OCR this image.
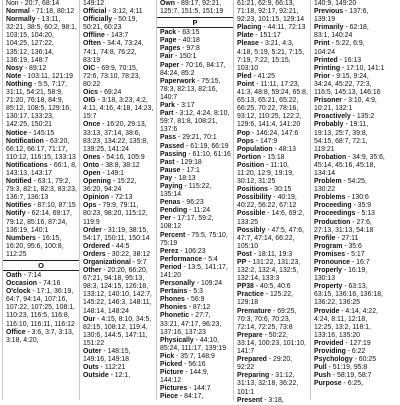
Non - 20:7, 68:14
Normal - 71:18, 80:12
Normally - 13:11, 32:21, 38:5, 60:2, 98:1, 103:15, 104:20, 104:25, 127:22, 135:12, 136:14, 136:19, 148:7
Nosy - 89:12
Note - 103:11, 121:19
Nothing - 5:5, 7:17, 31:11, 54:21, 58:9, 71:20, 76:18, 84:9, 85:12, 108:5, 129:16, 130:17, 133:23, 142:25, 150:21
Notice - 145:15
Notification - 63:20, 66:12, 66:17, 71:17, 110:12, 116:15, 133:13
Notifications - 66:1, 8, 143:13, 143:17
Notified - 63:1, 79:2, 79:3, 82:1, 82:3, 83:23, 136:7, 136:13
Notifies - 87:10, 87:15
Notify - 62:14, 69:17, 79:12, 85:16, 87:24, 136:19, 140:1
Numbers - 16:15, 16:20, 95:6, 100:8, 112:25
O
Oath - 7:14
Occasion - 74:16
O'clock - 17:1, 36:19, 64:7, 94:14, 107:16, 107:22, 107:25, 108:1, 110:23, 116:5, 116:8, 116:10, 116:11, 116:12
Office - 3:6, 3:7, 3:13, 3:18, 4:20,
149:12
Official - 3:12, 4:11
Officially - 50:19, 50:21, 60:23
Offline - 143:7
Often - 34:4, 73:24, 74:1, 74:8, 76:22, 83:19
OIC - 69:9, 70:15, 72:6, 73:10, 78:23, 80:22
Oics - 69:24
OIG - 3:18, 3:23, 4:2, 4:11, 4:16, 4:18, 14:23, 15:7
Once - 16:20, 29:13, 33:13, 37:14, 38:6, 83:23, 134:22, 135:8, 139:25, 141:24
Ones - 54:16, 105:9
Onto - 38:8, 38:12
Open - 149:1
Opening - 15:22, 36:20, 94:24
Opinion - 72:13
Ops - 79:9, 79:11, 80:23, 98:20, 115:12, 119:9
Order - 31:19, 38:15, 54:17, 150:11, 150:14
Ordered - 44:5
Orders - 30:22, 38:12
Organizational - 9:7
Other - 20:20, 66:20, 67:21, 94:18, 95:13, 98:3, 124:15, 126:18, 133:12, 140:10, 142:7, 145:22, 146:3, 148:11, 148:14, 148:24
Our - 4:15, 8:10, 34:5, 82:15, 108:12, 119:4, 130:6, 144:5, 147:11, 151:22
Outer - 148:15, 149:16, 149:18
Outs - 112:21
Outside - 12:1,
Own - 89:17, 92:21, 125:7, 151:5, 151:19
P
Pack - 63:15
Page - 40:18
Pages - 97:8
Pair - 150:1
Paper - 70:16, 84:17, 84:24, 85:2
Paperwork - 75:15, 78:3, 82:13, 82:16, 140:7
Park - 3:17
Part - 3:12, 4:24, 8:10, 59:7, 81:8, 108:21, 137:6
Pass - 29:21, 70:1
Passed - 61:19, 66:19
Passing - 61:10, 61:16
Past - 129:18
Pause - 17:1
Pay - 18:13
Paying - 115:22, 135:14
Penas - 96:23
Pending - 11:24
Per - 17:17, 59:2, 108:12
Percent - 75:5, 75:10, 75:19
Perez - 106:23
Performance - 5:4
Period - 13:5, 141:17, 141:20
Personally - 109:24
Pertains - 5:3
Phones - 56:9
Phonies - 87:12
Phonetic - 27:7, 33:21, 47:17, 96:23, 137:16, 137:23
Physically - 44:10, 85:24, 111:17, 139:19
Pick - 35:7, 148:9
Picked - 56:16
Picture - 144:9, 144:12
Pictures - 144:7
Piece - 84:17,
61:21, 62:9, 66:13, 71:18, 92:17, 92:21, 92:23, 101:15, 129:14
Placing - 44:11, 72:13
Plate - 151:17
Please - 3:21, 4:3, 4:18, 5:19, 5:21, 7:15, 7:19, 7:22, 15:15, 103:10
Pled - 41:25
Point - 11:11, 17:23, 41:3, 48:8, 59:24, 65:8, 65:13, 65:21, 65:22, 66:25, 70:22, 78:16, 93:12, 110:25, 122:2, 129:6, 141:4, 141:20
Pop - 146:24, 147:6
Pops - 147:9
Population - 48:13
Portion - 15:18
Position - 11:10, 11:20, 12:9, 19:19, 30:12, 31:25
Positions - 30:15
Possibility - 40:19, 40:22, 56:22, 67:12
Possible - 14:6, 69:2, 133:25
Possibly - 47:5, 47:6, 47:7, 47:14, 66:22, 105:10
Post - 18:11, 19:3
PP - 131:22, 131:23, 132:2, 132:4, 132:5, 132:14, 133:3
PP38 - 40:5, 40:6
Practice - 125:22, 129:18
Premature - 69:25, 70:3, 70:6, 70:23, 72:14, 72:25, 73:8
Prepare - 50:22, 33:14, 100:23, 101:10, 141:7
Prepared - 29:20, 92:22
Preparing - 31:12, 31:13, 32:18, 36:22, 101:1
Present - 3:18,
140:9, 149:20
Previous - 137:6, 139:19
Primarily - 62:18, 83:1, 140:24
Print - 5:22, 6:9, 104:24
Printed - 16:13
Printing - 17:10, 141:1
Prior - 9:15, 9:24, 34:24, 45:22, 72:3, 116:5, 145:13, 146:16
Prisoner - 3:10, 4:9, 10:21, 132:1
Proactively - 135:2
Probably - 19:11, 19:13, 25:7, 39:8, 54:15, 68:7, 72:1, 119:21
Probation - 34:9, 35:6, 45:14, 45:16, 45:18, 134:14
Problem - 54:25, 130:22
Problems - 130:6
Proceeding - 35:9
Proceedings - 5:13
Production - 27:6, 27:13, 31:13, 54:18
Profile - 27:11
Program - 35:6
Promises - 5:17
Pronounce - 16:7
Properly - 16:19, 130:13
Property - 63:13, 63:15, 136:16, 136:18, 136:22, 136:25
Provide - 4:14, 4:22, 4:24, 8:11, 12:18, 12:25, 13:2, 118:1, 133:16, 135:20
Provided - 127:19
Providing - 6:22
Psychology - 60:25
Pull - 51:19, 95:8
Push - 58:19, 58:7
Purpose - 6:25,
